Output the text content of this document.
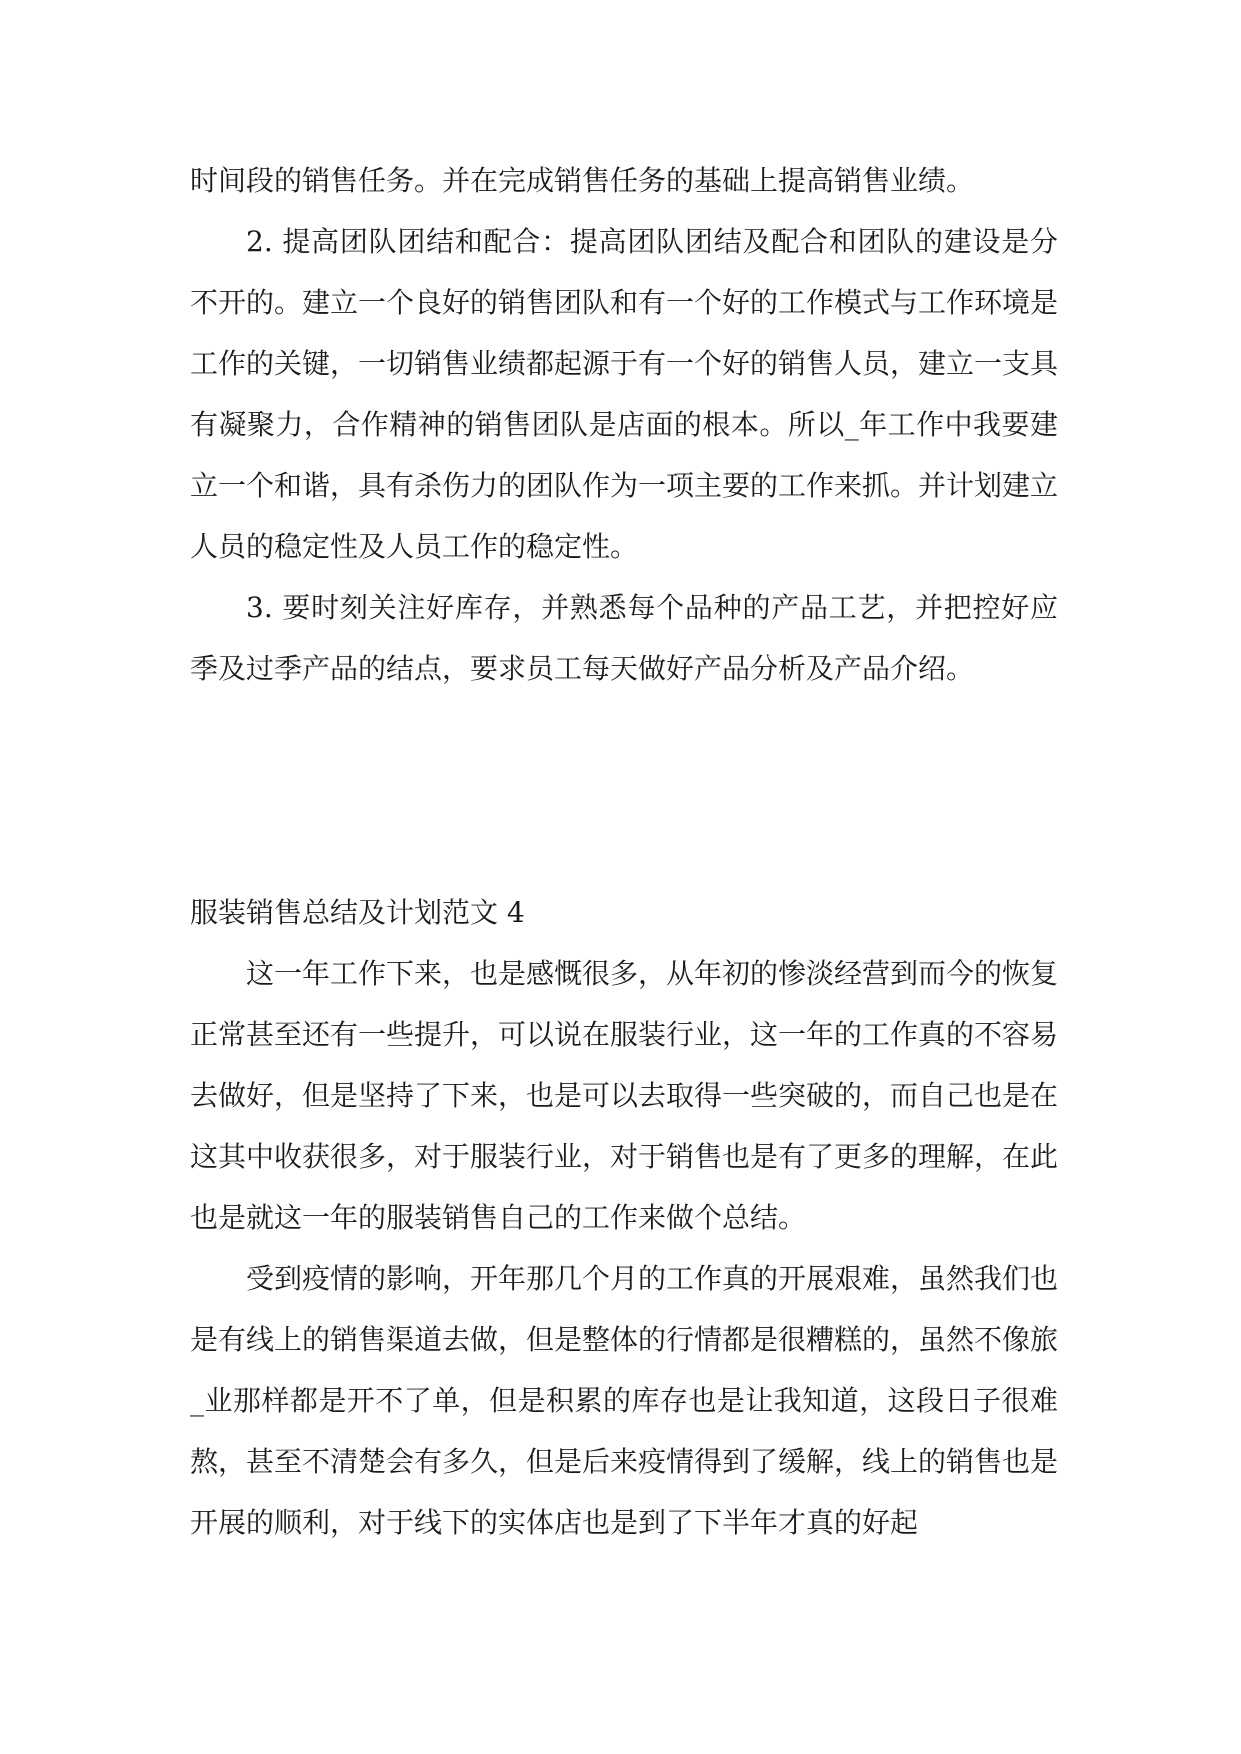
时间段的销售任务。并在完成销售任务的基础上提高销售业绩。

2. 提高团队团结和配合：提高团队团结及配合和团队的建设是分不开的。建立一个良好的销售团队和有一个好的工作模式与工作环境是工作的关键，一切销售业绩都起源于有一个好的销售人员，建立一支具有凝聚力，合作精神的销售团队是店面的根本。所以_年工作中我要建立一个和谐，具有杀伤力的团队作为一项主要的工作来抓。并计划建立人员的稳定性及人员工作的稳定性。

3. 要时刻关注好库存，并熟悉每个品种的产品工艺，并把控好应季及过季产品的结点，要求员工每天做好产品分析及产品介绍。

服装销售总结及计划范文 4

这一年工作下来，也是感慨很多，从年初的惨淡经营到而今的恢复正常甚至还有一些提升，可以说在服装行业，这一年的工作真的不容易去做好，但是坚持了下来，也是可以去取得一些突破的，而自己也是在这其中收获很多，对于服装行业，对于销售也是有了更多的理解，在此也是就这一年的服装销售自己的工作来做个总结。

受到疫情的影响，开年那几个月的工作真的开展艰难，虽然我们也是有线上的销售渠道去做，但是整体的行情都是很糟糕的，虽然不像旅_业那样都是开不了单，但是积累的库存也是让我知道，这段日子很难熬，甚至不清楚会有多久，但是后来疫情得到了缓解，线上的销售也是开展的顺利，对于线下的实体店也是到了下半年才真的好起
